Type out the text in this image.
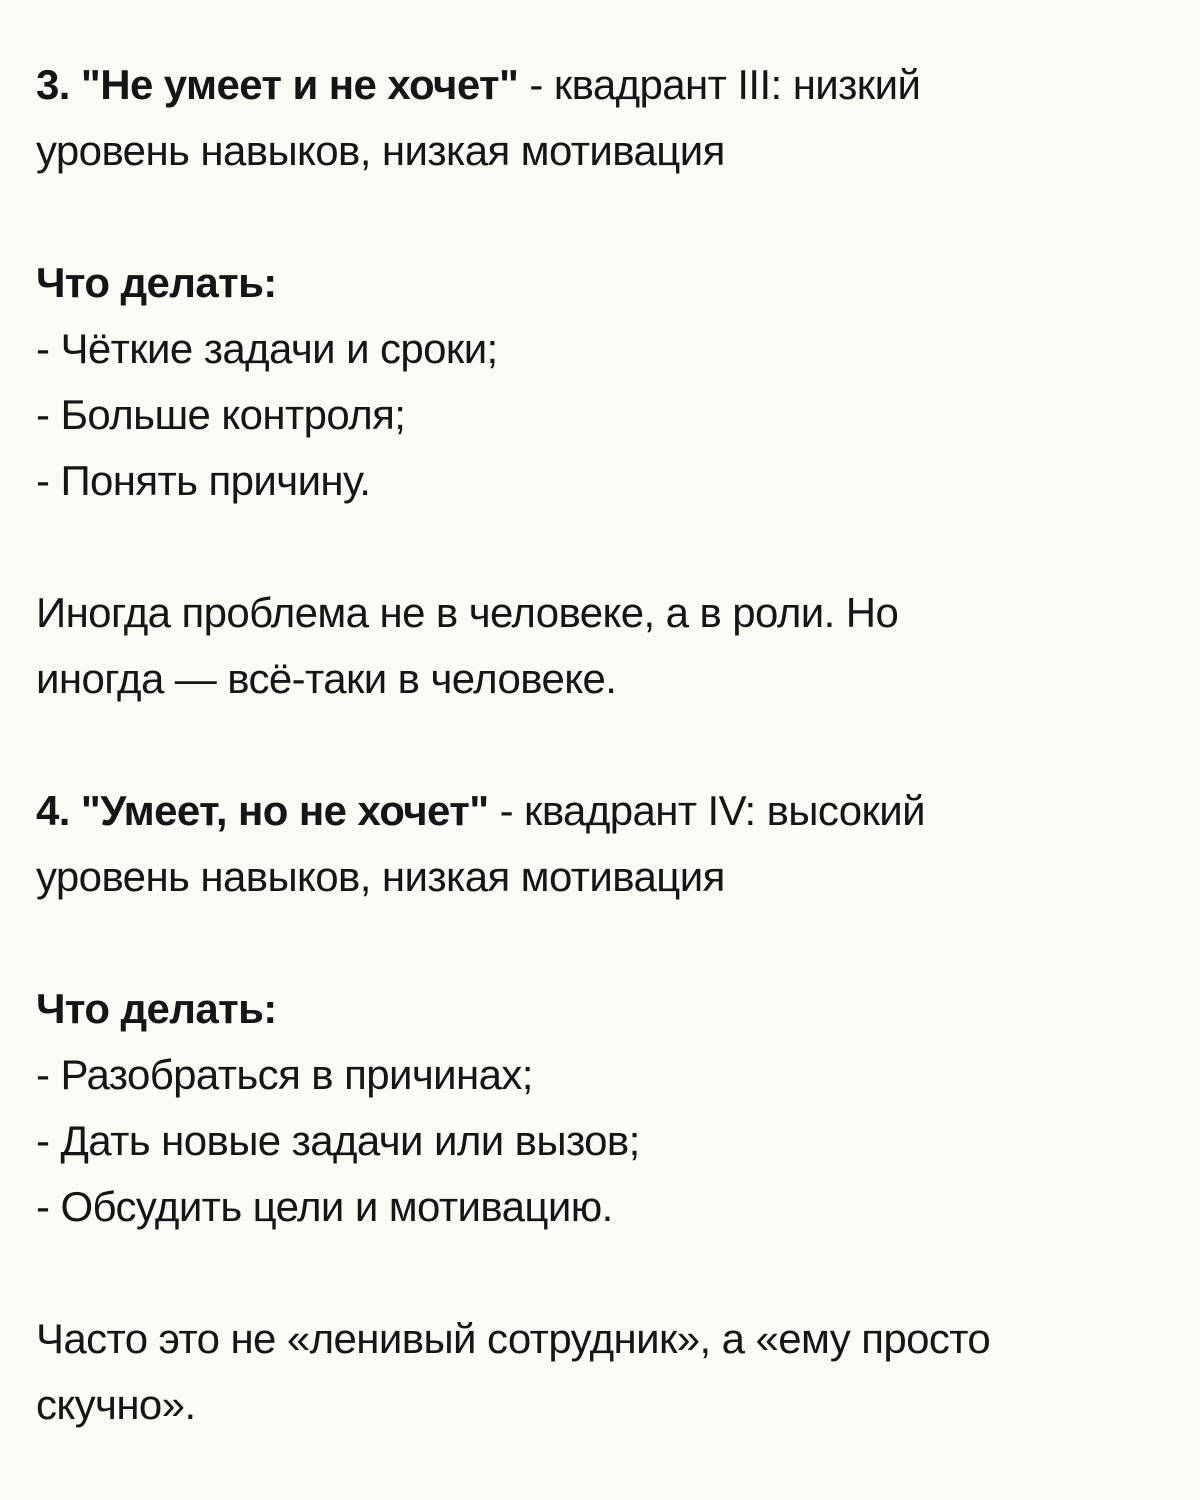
3. "Не умеет и не хочет" - квадрант III: низкий
уровень навыков, низкая мотивация
Что делать:
- Чёткие задачи и сроки;
- Больше контроля;
- Понять причину.
Иногда проблема не в человеке, а в роли. Но
иногда — всё-таки в человеке.
4. "Умеет, но не хочет" - квадрант IV: высокий
уровень навыков, низкая мотивация
Что делать:
- Разобраться в причинах;
- Дать новые задачи или вызов;
- Обсудить цели и мотивацию.
Часто это не «ленивый сотрудник», а «ему просто
скучно».
